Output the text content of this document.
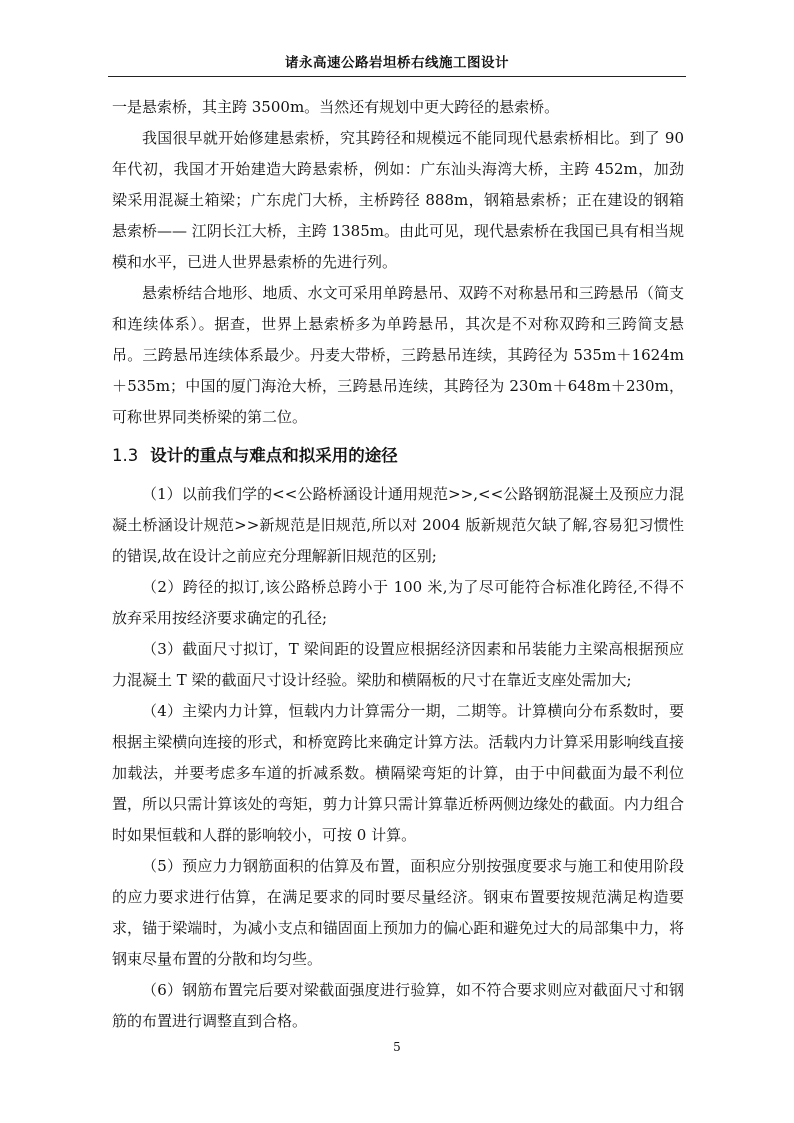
诸永高速公路岩坦桥右线施工图设计

一是悬索桥，其主跨 3500m。当然还有规划中更大跨径的悬索桥。

我国很早就开始修建悬索桥，究其跨径和规模远不能同现代悬索桥相比。到了 90 年代初，我国才开始建造大跨悬索桥，例如：广东汕头海湾大桥，主跨 452m，加劲梁采用混凝土箱梁；广东虎门大桥，主桥跨径 888m，钢箱悬索桥；正在建设的钢箱悬索桥—— 江阴长江大桥，主跨 1385m。由此可见，现代悬索桥在我国已具有相当规模和水平，已进人世界悬索桥的先进行列。

悬索桥结合地形、地质、水文可采用单跨悬吊、双跨不对称悬吊和三跨悬吊（简支和连续体系）。据查，世界上悬索桥多为单跨悬吊，其次是不对称双跨和三跨简支悬吊。三跨悬吊连续体系最少。丹麦大带桥，三跨悬吊连续，其跨径为 535m＋1624m＋535m；中国的厦门海沧大桥，三跨悬吊连续，其跨径为 230m＋648m＋230m，可称世界同类桥梁的第二位。

1.3 设计的重点与难点和拟采用的途径

（1）以前我们学的<<公路桥涵设计通用规范>>,<<公路钢筋混凝土及预应力混凝土桥涵设计规范>>新规范是旧规范,所以对 2004 版新规范欠缺了解,容易犯习惯性的错误,故在设计之前应充分理解新旧规范的区别;

（2）跨径的拟订,该公路桥总跨小于 100 米,为了尽可能符合标准化跨径,不得不放弃采用按经济要求确定的孔径;

（3）截面尺寸拟订，T 梁间距的设置应根据经济因素和吊装能力主梁高根据预应力混凝土 T 梁的截面尺寸设计经验。梁肋和横隔板的尺寸在靠近支座处需加大;

（4）主梁内力计算，恒载内力计算需分一期，二期等。计算横向分布系数时，要根据主梁横向连接的形式，和桥宽跨比来确定计算方法。活载内力计算采用影响线直接加载法，并要考虑多车道的折减系数。横隔梁弯矩的计算，由于中间截面为最不利位置，所以只需计算该处的弯矩，剪力计算只需计算靠近桥两侧边缘处的截面。内力组合时如果恒载和人群的影响较小，可按 0 计算。

（5）预应力力钢筋面积的估算及布置，面积应分别按强度要求与施工和使用阶段的应力要求进行估算，在满足要求的同时要尽量经济。钢束布置要按规范满足构造要求，锚于梁端时，为减小支点和锚固面上预加力的偏心距和避免过大的局部集中力，将钢束尽量布置的分散和均匀些。

（6）钢筋布置完后要对梁截面强度进行验算，如不符合要求则应对截面尺寸和钢筋的布置进行调整直到合格。

5
